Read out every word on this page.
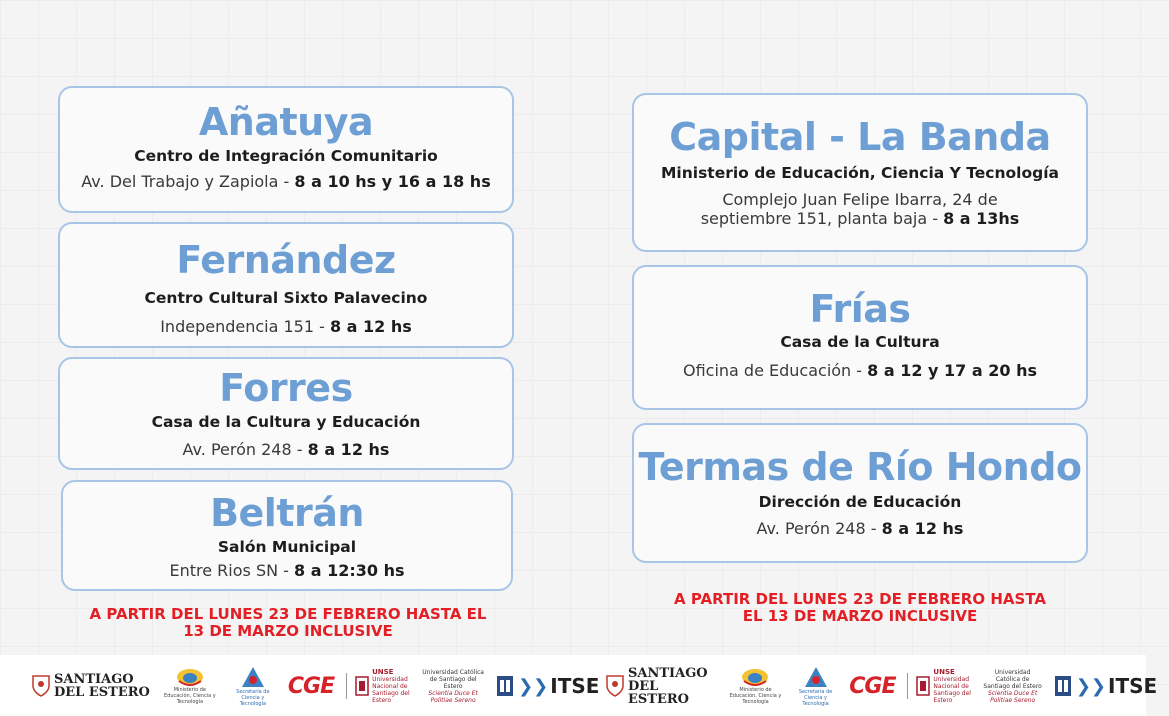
Añatuya
Centro de Integración Comunitario
Av. Del Trabajo y Zapiola - 8 a 10 hs y 16 a 18 hs
Fernández
Centro Cultural Sixto Palavecino
Independencia 151 - 8 a 12 hs
Forres
Casa de la Cultura y Educación
Av. Perón 248 - 8 a 12 hs
Beltrán
Salón Municipal
Entre Rios SN - 8 a 12:30 hs
A PARTIR DEL LUNES 23 DE FEBRERO HASTA EL
13 DE MARZO INCLUSIVE
Capital - La Banda
Ministerio de Educación, Ciencia Y Tecnología
Complejo Juan Felipe Ibarra, 24 de
septiembre 151, planta baja - 8 a 13hs
Frías
Casa de la Cultura
Oficina de Educación - 8 a 12 y 17 a 20 hs
Termas de Río Hondo
Dirección de Educación
Av. Perón 248 - 8 a 12 hs
A PARTIR DEL LUNES 23 DE FEBRERO HASTA
EL 13 DE MARZO INCLUSIVE
SANTIAGO
DEL ESTERO	Ministerio de Educación, Ciencia y Tecnología
Secretaría de Ciencia y Tecnología
CGE
UNSE
Universidad Nacional de Santiago del Estero
Universidad Católica de Santiago del Estero
Scientia Duce Et Politiae Sereno
❯❯ ITSE
SANTIAGO
DEL ESTERO
Ministerio de Educación, Ciencia y Tecnología
Secretaría de Ciencia y Tecnología
CGE
UNSE
Universidad Nacional de Santiago del Estero
Universidad Católica de Santiago del Estero
Scientia Duce Et Politiae Sereno
❯❯ ITSE
